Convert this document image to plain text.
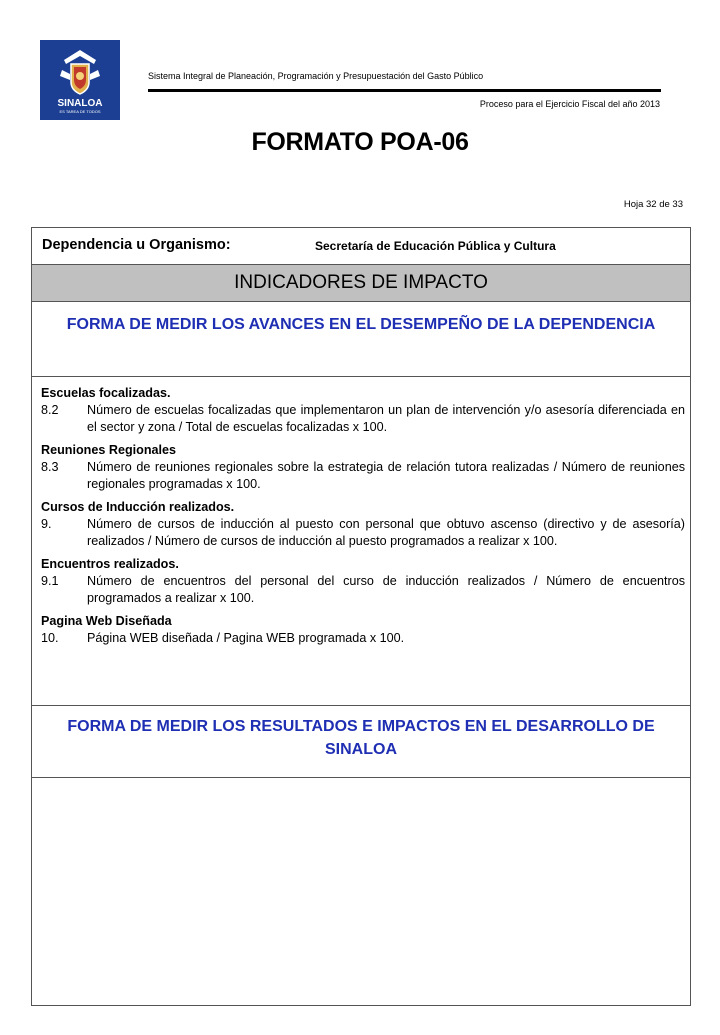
SINALOA
ES TAREA DE TODOS
Sistema Integral de Planeación, Programación y Presupuestación del Gasto Público
Proceso para el Ejercicio Fiscal del año 2013
FORMATO POA-06
Hoja 32 de 33
Dependencia u Organismo:	Secretaría de Educación Pública y Cultura
INDICADORES DE IMPACTO
FORMA DE MEDIR LOS AVANCES EN EL DESEMPEÑO DE LA DEPENDENCIA

Escuelas focalizadas.

8.2	Número de escuelas focalizadas que implementaron un plan de intervención y/o asesoría diferenciada en el sector y zona / Total de escuelas focalizadas x 100.

Reuniones Regionales

8.3	Número de reuniones regionales sobre la estrategia de relación tutora realizadas / Número de reuniones regionales programadas x 100.

Cursos de Inducción realizados.

9.	Número de cursos de inducción al puesto con personal que obtuvo ascenso (directivo y de asesoría) realizados / Número de cursos de inducción al puesto programados a realizar x 100.

Encuentros realizados.

9.1	Número de encuentros del personal del curso de inducción realizados / Número de encuentros programados a realizar x 100.

Pagina Web Diseñada

10.	Página WEB diseñada / Pagina WEB programada x 100.
FORMA DE MEDIR LOS RESULTADOS E IMPACTOS EN EL DESARROLLO DE SINALOA
